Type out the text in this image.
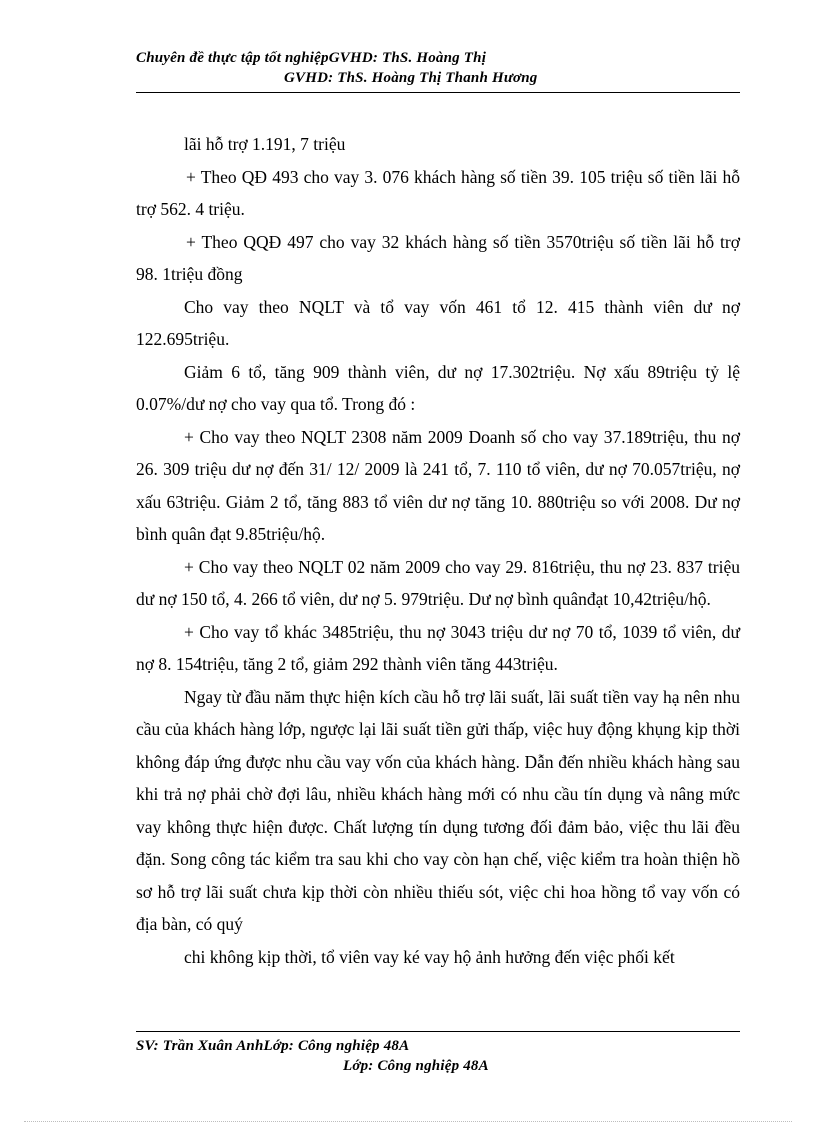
Chuyên đề thực tập tốt nghiệpGVHD: ThS. Hoàng Thị
GVHD: ThS. Hoàng Thị Thanh Hương

lãi hỗ trợ 1.191, 7 triệu

+ Theo QĐ 493 cho vay 3. 076 khách hàng số tiền 39. 105 triệu số tiền lãi hỗ trợ 562. 4 triệu.

+ Theo QQĐ 497 cho vay 32 khách hàng số tiền 3570triệu số tiền lãi hỗ trợ 98. 1triệu đồng

Cho vay theo NQLT và tổ vay vốn 461 tổ 12. 415 thành viên dư nợ 122.695triệu.

Giảm 6 tổ, tăng 909 thành viên, dư nợ 17.302triệu. Nợ xấu 89triệu tỷ lệ 0.07%/dư nợ cho vay qua tổ. Trong đó :

+ Cho vay theo NQLT 2308 năm 2009 Doanh số cho vay 37.189triệu, thu nợ 26. 309 triệu dư nợ đến 31/ 12/ 2009 là 241 tổ, 7. 110 tổ viên, dư nợ 70.057triệu, nợ xấu 63triệu. Giảm 2 tổ, tăng 883 tổ viên dư nợ tăng 10. 880triệu so với 2008. Dư nợ bình quân đạt 9.85triệu/hộ.

+ Cho vay theo NQLT 02 năm 2009 cho vay 29. 816triệu, thu nợ 23. 837 triệu dư nợ 150 tổ, 4. 266 tổ viên, dư nợ 5. 979triệu. Dư nợ bình quânđạt 10,42triệu/hộ.

+ Cho vay tổ khác 3485triệu, thu nợ 3043 triệu dư nợ 70 tổ, 1039 tổ viên, dư nợ 8. 154triệu, tăng 2 tổ, giảm 292 thành viên tăng 443triệu.

Ngay từ đầu năm thực hiện kích cầu hỗ trợ lãi suất, lãi suất tiền vay hạ nên nhu cầu của khách hàng lớp, ngược lại lãi suất tiền gửi thấp, việc huy động khụng kịp thời không đáp ứng được nhu cầu vay vốn của khách hàng. Dẫn đến nhiều khách hàng sau khi trả nợ phải chờ đợi lâu, nhiều khách hàng mới có nhu cầu tín dụng và nâng mức vay không thực hiện được. Chất lượng tín dụng tương đối đảm bảo, việc thu lãi đều đặn. Song công tác kiểm tra sau khi cho vay còn hạn chế, việc kiểm tra hoàn thiện hồ sơ hỗ trợ lãi suất chưa kịp thời còn nhiều thiếu sót, việc chi hoa hồng tổ vay vốn có địa bàn, có quý

chi không kịp thời, tổ viên vay ké vay hộ ảnh hưởng đến việc phối kết

SV: Trần Xuân AnhLớp: Công nghiệp 48A
Lớp: Công nghiệp 48A
